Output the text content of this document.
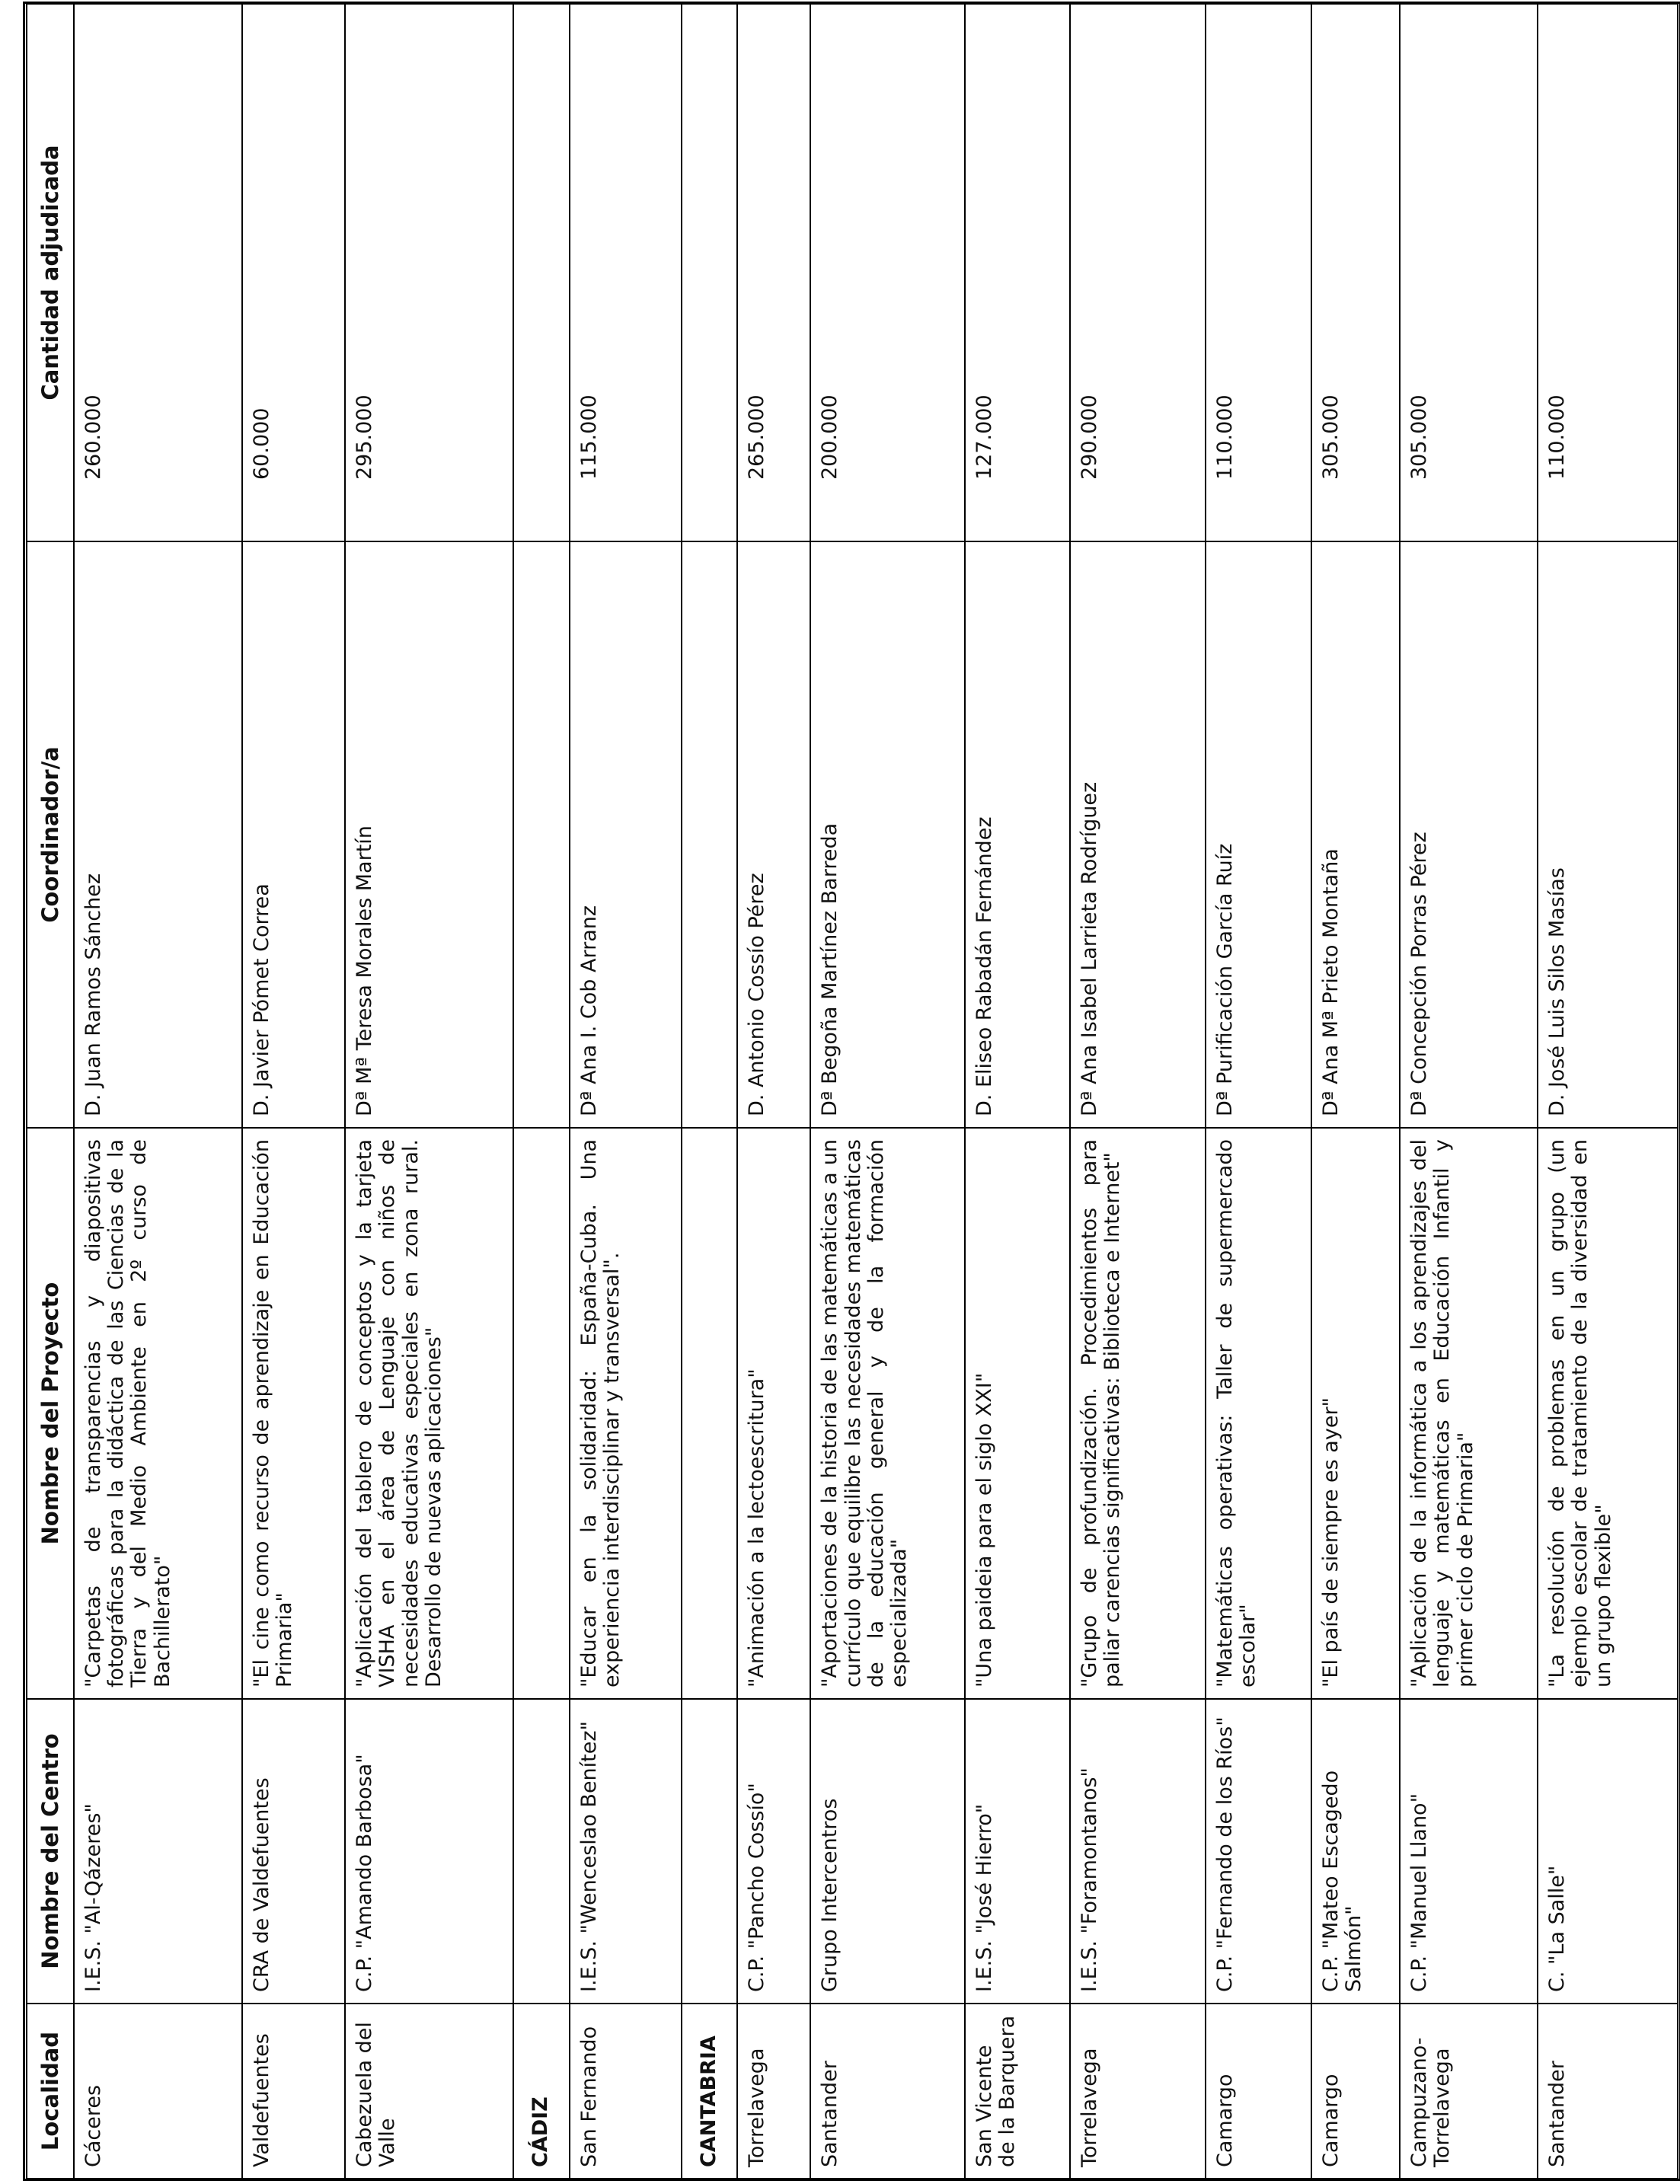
Localidad	Nombre del Centro	Nombre del Proyecto	Coordinador/a	Cantidad adjudicada
Cáceres	I.E.S. "Al-Qázeres"	"Carpetas de transparencias y diapositivas fotográficas para la didáctica de las Ciencias de la Tierra y del Medio Ambiente en 2º curso de Bachillerato"	D. Juan Ramos Sánchez	260.000
Valdefuentes	CRA de Valdefuentes	"El cine como recurso de aprendizaje en Educación Primaria"	D. Javier Pómet Correa	60.000
Cabezuela del Valle	C.P. "Amando Barbosa"	"Aplicación del tablero de conceptos y la tarjeta VISHA en el área de Lenguaje con niños de necesidades educativas especiales en zona rural. Desarrollo de nuevas aplicaciones"	Dª Mª Teresa Morales Martín	295.000
CÁDIZ				
San Fernando	I.E.S. "Wenceslao Benítez"	"Educar en la solidaridad: España-Cuba. Una experiencia interdisciplinar y transversal".	Dª Ana I. Cob Arranz	115.000
CANTABRIA				
Torrelavega	C.P. "Pancho Cossío"	"Animación a la lectoescritura"	D. Antonio Cossío Pérez	265.000
Santander	Grupo Intercentros	"Aportaciones de la historia de las matemáticas a un currículo que equilibre las necesidades matemáticas de la educación general y de la formación especializada"	Dª Begoña Martínez Barreda	200.000
San Vicente de la Barquera	I.E.S. "José Hierro"	"Una paideia para el siglo XXI"	D. Eliseo Rabadán Fernández	127.000
Torrelavega	I.E.S. "Foramontanos"	"Grupo de profundización. Procedimientos para paliar carencias significativas: Biblioteca e Internet"	Dª Ana Isabel Larrieta Rodríguez	290.000
Camargo	C.P. "Fernando de los Ríos"	"Matemáticas operativas: Taller de supermercado escolar"	Dª Purificación García Ruíz	110.000
Camargo	C.P. "Mateo Escagedo Salmón"	"El país de siempre es ayer"	Dª Ana Mª Prieto Montaña	305.000
Campuzano-Torrelavega	C.P. "Manuel Llano"	"Aplicación de la informática a los aprendizajes del lenguaje y matemáticas en Educación Infantil y primer ciclo de Primaria"	Dª Concepción Porras Pérez	305.000
Santander	C. "La Salle"	"La resolución de problemas en un grupo (un ejemplo escolar de tratamiento de la diversidad en un grupo flexible"	D. José Luis Silos Masías	110.000
